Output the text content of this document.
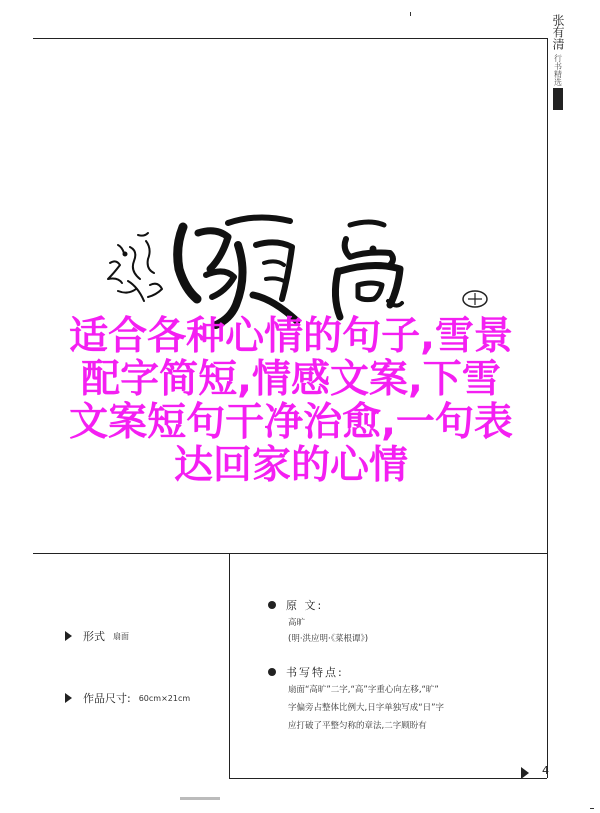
张有清
行书精选
适合各种心情的句子,雪景
配字简短,情感文案,下雪
文案短句干净治愈,一句表
达回家的心情
形式 扇面
作品尺寸: 60cm×21cm
原 文:
高旷
(明·洪应明·《菜根谭》)
书写特点:
扇面“高旷”二字,“高”字重心向左移,“旷”
字偏旁占整体比例大,日字单独写成“日”字
应打破了平整匀称的章法,二字顾盼有
4
